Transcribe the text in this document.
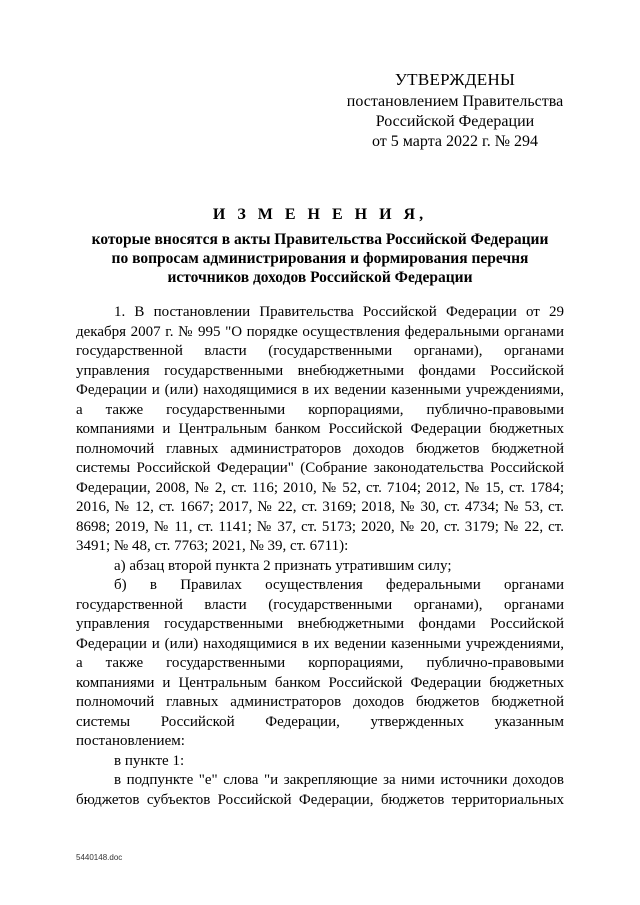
УТВЕРЖДЕНЫ
постановлением Правительства
Российской Федерации
от 5 марта 2022 г. № 294
И З М Е Н Е Н И Я,
которые вносятся в акты Правительства Российской Федерации
по вопросам администрирования и формирования перечня
источников доходов Российской Федерации

1. В постановлении Правительства Российской Федерации от 29 декабря 2007 г. № 995 "О порядке осуществления федеральными органами государственной власти (государственными органами), органами управления государственными внебюджетными фондами Российской Федерации и (или) находящимися в их ведении казенными учреждениями, а также государственными корпорациями, публично-правовыми компаниями и Центральным банком Российской Федерации бюджетных полномочий главных администраторов доходов бюджетов бюджетной системы Российской Федерации" (Собрание законодательства Российской Федерации, 2008, № 2, ст. 116; 2010, № 52, ст. 7104; 2012, № 15, ст. 1784; 2016, № 12, ст. 1667; 2017, № 22, ст. 3169; 2018, № 30, ст. 4734; № 53, ст. 8698; 2019, № 11, ст. 1141; № 37, ст. 5173; 2020, № 20, ст. 3179; № 22, ст. 3491; № 48, ст. 7763; 2021, № 39, ст. 6711):

а) абзац второй пункта 2 признать утратившим силу;

б) в Правилах осуществления федеральными органами государственной власти (государственными органами), органами управления государственными внебюджетными фондами Российской Федерации и (или) находящимися в их ведении казенными учреждениями, а также государственными корпорациями, публично-правовыми компаниями и Центральным банком Российской Федерации бюджетных полномочий главных администраторов доходов бюджетов бюджетной системы Российской Федерации, утвержденных указанным постановлением:

в пункте 1:

в подпункте "е" слова "и закрепляющие за ними источники доходов бюджетов субъектов Российской Федерации, бюджетов территориальных

5440148.doc
